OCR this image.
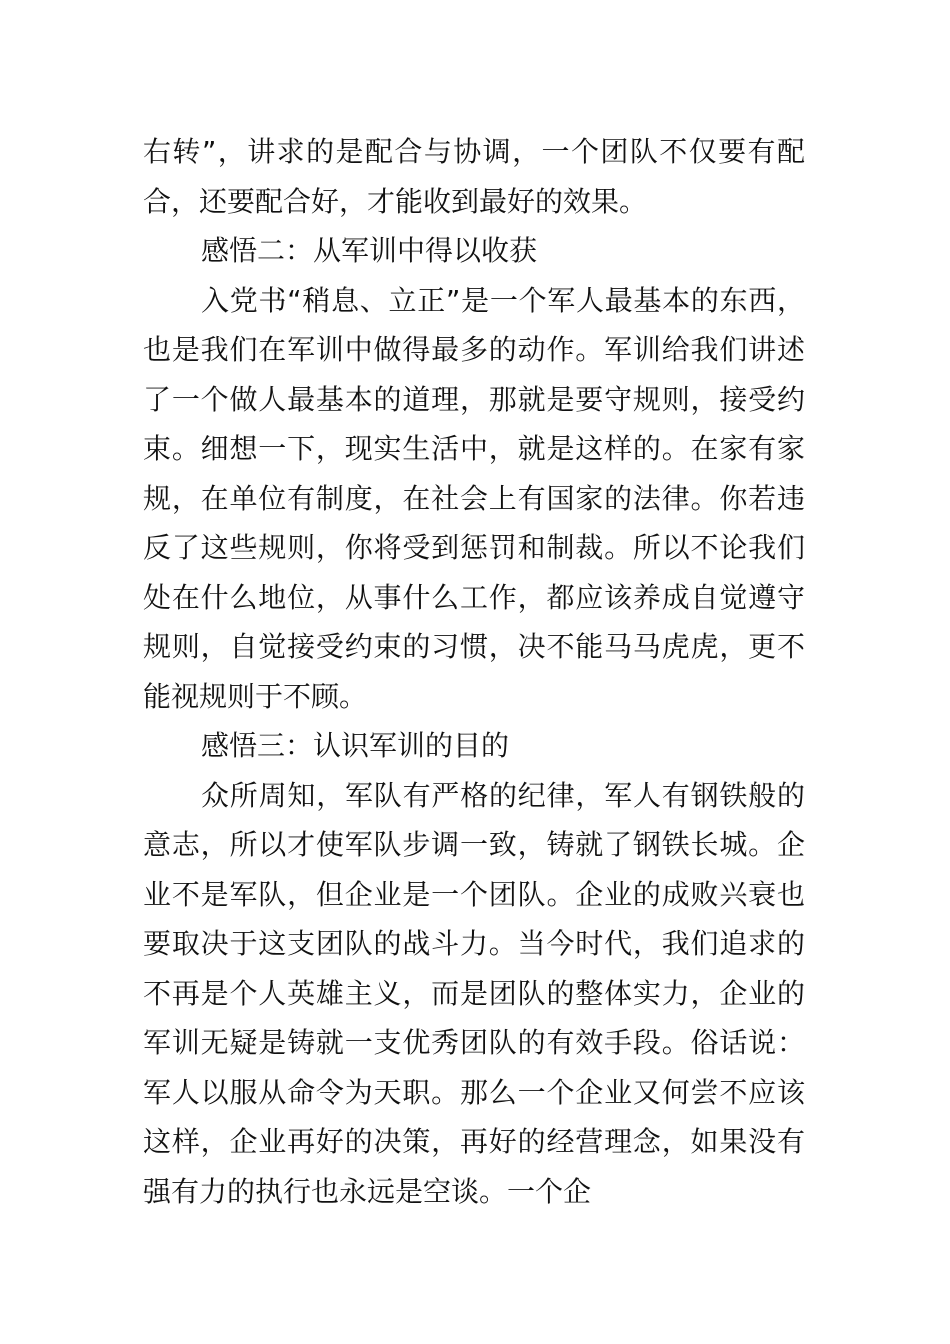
右转”，讲求的是配合与协调，一个团队不仅要有配合，还要配合好，才能收到最好的效果。

感悟二：从军训中得以收获

入党书“稍息、立正”是一个军人最基本的东西，也是我们在军训中做得最多的动作。军训给我们讲述了一个做人最基本的道理，那就是要守规则，接受约束。细想一下，现实生活中，就是这样的。在家有家规，在单位有制度，在社会上有国家的法律。你若违反了这些规则，你将受到惩罚和制裁。所以不论我们处在什么地位，从事什么工作，都应该养成自觉遵守规则，自觉接受约束的习惯，决不能马马虎虎，更不能视规则于不顾。

感悟三：认识军训的目的

众所周知，军队有严格的纪律，军人有钢铁般的意志，所以才使军队步调一致，铸就了钢铁长城。企业不是军队，但企业是一个团队。企业的成败兴衰也要取决于这支团队的战斗力。当今时代，我们追求的不再是个人英雄主义，而是团队的整体实力，企业的军训无疑是铸就一支优秀团队的有效手段。俗话说：军人以服从命令为天职。那么一个企业又何尝不应该这样，企业再好的决策，再好的经营理念，如果没有强有力的执行也永远是空谈。一个企
